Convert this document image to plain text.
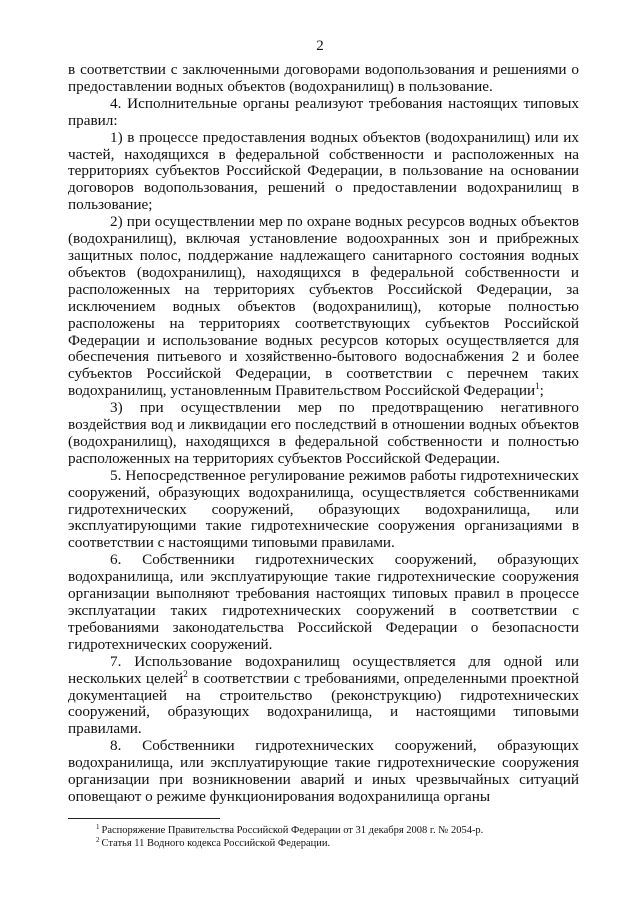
2

в соответствии с заключенными договорами водопользования и решениями о предоставлении водных объектов (водохранилищ) в пользование.

4. Исполнительные органы реализуют требования настоящих типовых правил:

1) в процессе предоставления водных объектов (водохранилищ) или их частей, находящихся в федеральной собственности и расположенных на территориях субъектов Российской Федерации, в пользование на основании договоров водопользования, решений о предоставлении водохранилищ в пользование;

2) при осуществлении мер по охране водных ресурсов водных объектов (водохранилищ), включая установление водоохранных зон и прибрежных защитных полос, поддержание надлежащего санитарного состояния водных объектов (водохранилищ), находящихся в федеральной собственности и расположенных на территориях субъектов Российской Федерации, за исключением водных объектов (водохранилищ), которые полностью расположены на территориях соответствующих субъектов Российской Федерации и использование водных ресурсов которых осуществляется для обеспечения питьевого и хозяйственно-бытового водоснабжения 2 и более субъектов Российской Федерации, в соответствии с перечнем таких водохранилищ, установленным Правительством Российской Федерации$^1$;

3) при осуществлении мер по предотвращению негативного воздействия вод и ликвидации его последствий в отношении водных объектов (водохранилищ), находящихся в федеральной собственности и полностью расположенных на территориях субъектов Российской Федерации.

5. Непосредственное регулирование режимов работы гидротехнических сооружений, образующих водохранилища, осуществляется собственниками гидротехнических сооружений, образующих водохранилища, или эксплуатирующими такие гидротехнические сооружения организациями в соответствии с настоящими типовыми правилами.

6. Собственники гидротехнических сооружений, образующих водохранилища, или эксплуатирующие такие гидротехнические сооружения организации выполняют требования настоящих типовых правил в процессе эксплуатации таких гидротехнических сооружений в соответствии с требованиями законодательства Российской Федерации о безопасности гидротехнических сооружений.

7. Использование водохранилищ осуществляется для одной или нескольких целей$^2$ в соответствии с требованиями, определенными проектной документацией на строительство (реконструкцию) гидротехнических сооружений, образующих водохранилища, и настоящими типовыми правилами.

8. Собственники гидротехнических сооружений, образующих водохранилища, или эксплуатирующие такие гидротехнические сооружения организации при возникновении аварий и иных чрезвычайных ситуаций оповещают о режиме функционирования водохранилища органы

$^1$ Распоряжение Правительства Российской Федерации от 31 декабря 2008 г. № 2054-р.
$^2$ Статья 11 Водного кодекса Российской Федерации.
